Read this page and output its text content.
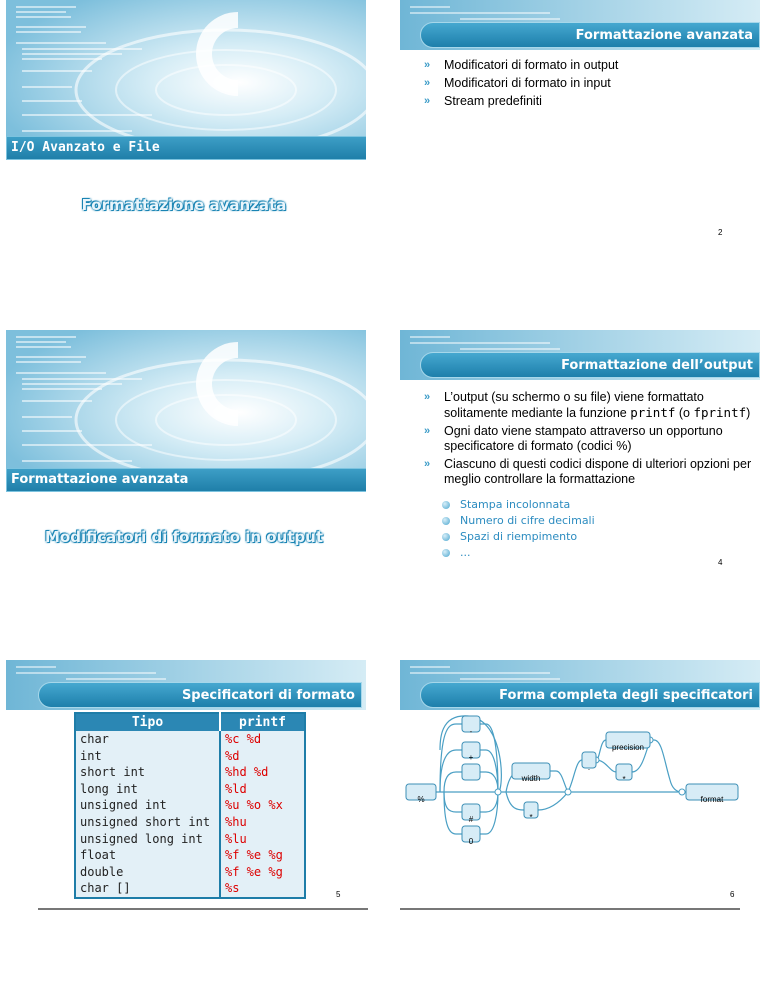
I/O Avanzato e File
Formattazione avanzata
Formattazione avanzata
» Modificatori di formato in output
» Modificatori di formato in input
» Stream predefiniti
2
Formattazione avanzata
Modificatori di formato in output
Formattazione dell’output
» L’output (su schermo o su file) viene formattato solitamente mediante la funzione printf (o fprintf)
» Ogni dato viene stampato attraverso un opportuno specificatore di formato (codici %)
» Ciascuno di questi codici dispone di ulteriori opzioni per meglio controllare la formattazione
Stampa incolonnata
Numero di cifre decimali
Spazi di riempimento
...
4
Specificatori di formato
Tipo	printf
char	%c %d
int	%d
short int	%hd %d
long int	%ld
unsigned int	%u %o %x
unsigned short int	%hu
unsigned long int	%lu
float	%f %e %g
double	%f %e %g
char []	%s	5
Forma completa degli specificatori
%
-
+
#
0
width
*
.
precision
*
format
6
